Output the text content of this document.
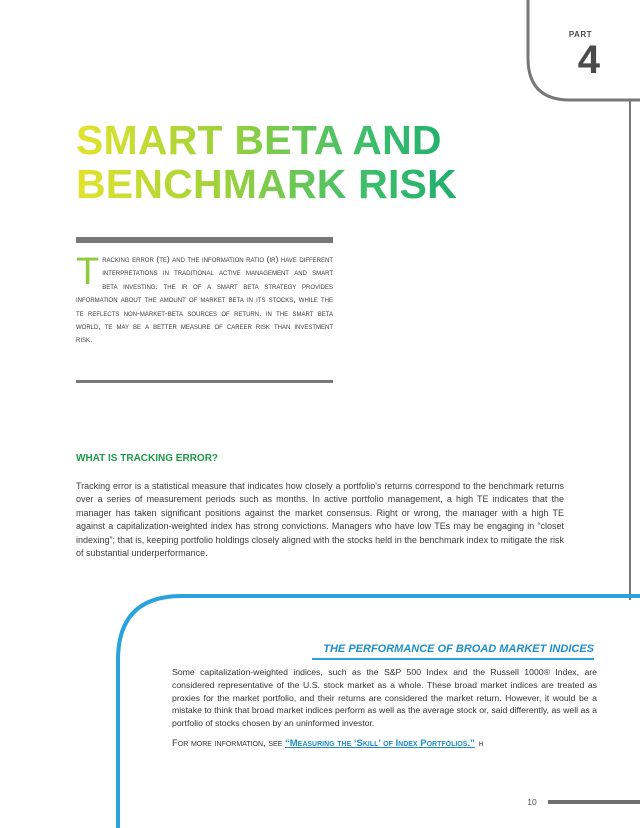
PART
4
SMART BETA AND
BENCHMARK RISK
Tracking error (te) and the information ratio (ir) have different interpretations in traditional active management and smart beta investing. the ir of a smart beta strategy provides information about the amount of market beta in its stocks, while the te reflects non-market-beta sources of return. in the smart beta world, te may be a better measure of career risk than investment risk.
WHAT IS TRACKING ERROR?
Tracking error is a statistical measure that indicates how closely a portfolio's returns correspond to the benchmark returns over a series of measurement periods such as months. In active portfolio management, a high TE indicates that the manager has taken significant positions against the market consensus. Right or wrong, the manager with a high TE against a capitalization-weighted index has strong convictions. Managers who have low TEs may be engaging in “closet indexing”; that is, keeping portfolio holdings closely aligned with the stocks held in the benchmark index to mitigate the risk of substantial underperformance.
THE PERFORMANCE OF BROAD MARKET INDICES
Some capitalization-weighted indices, such as the S&P 500 Index and the Russell 1000® Index, are considered representative of the U.S. stock market as a whole. These broad market indices are treated as proxies for the market portfolio, and their returns are considered the market return. However, it would be a mistake to think that broad market indices perform as well as the average stock or, said differently, as well as a portfolio of stocks chosen by an uninformed investor.
For more information, see “Measuring the ‘Skill’ of Index Portfolios.” h
10
